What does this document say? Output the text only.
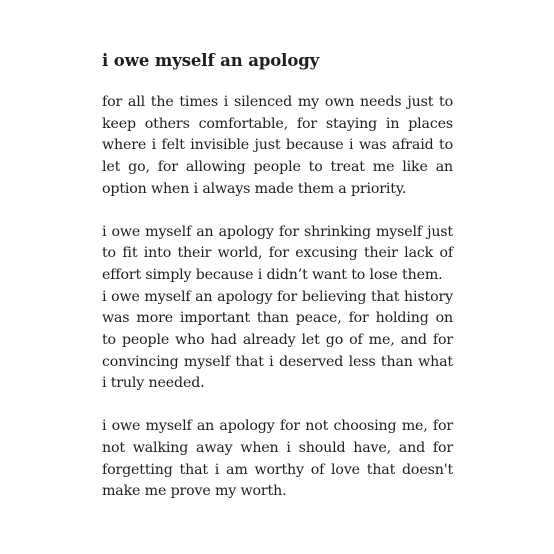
i owe myself an apology

for all the times i silenced my own needs just to keep others comfortable, for staying in places where i felt invisible just because i was afraid to let go, for allowing people to treat me like an option when i always made them a priority.

i owe myself an apology for shrinking myself just to fit into their world, for excusing their lack of effort simply because i didn’t want to lose them.

i owe myself an apology for believing that history was more important than peace, for holding on to people who had already let go of me, and for convincing myself that i deserved less than what i truly needed.

i owe myself an apology for not choosing me, for not walking away when i should have, and for forgetting that i am worthy of love that doesn't make me prove my worth.
